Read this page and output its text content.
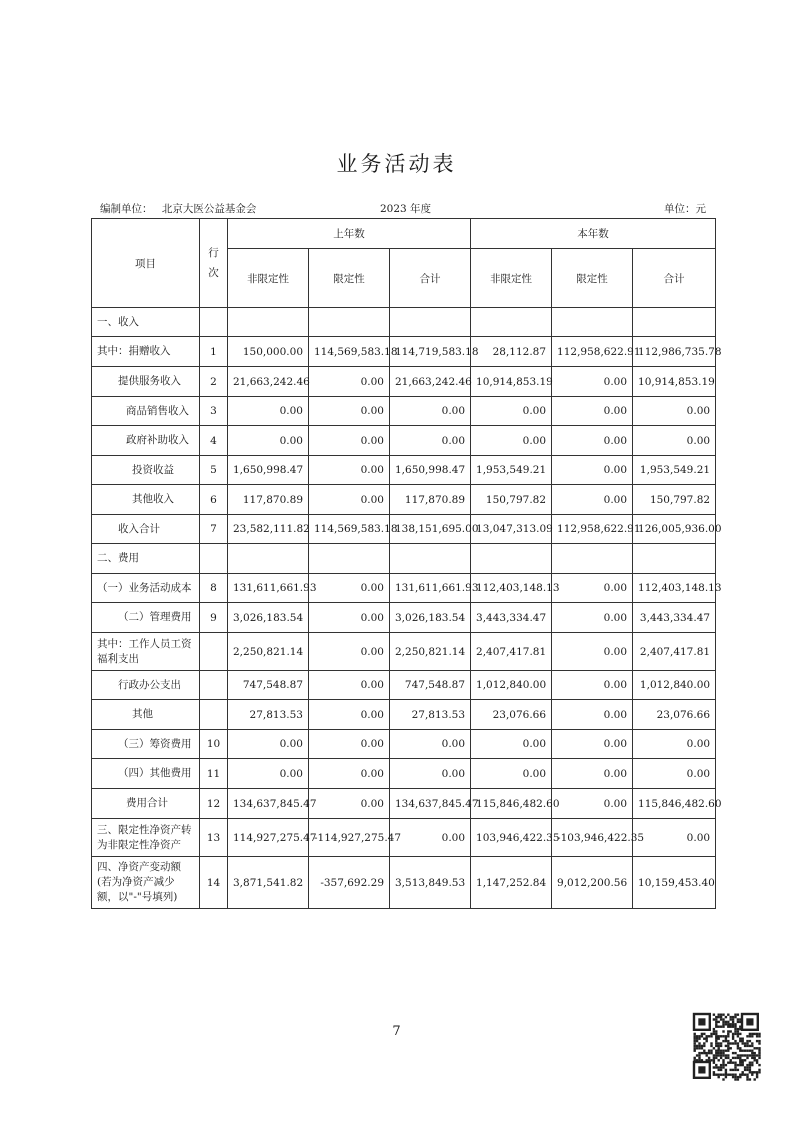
业务活动表
编制单位： 北京大医公益基金会	2023 年度	单位：元
项目	行
次	上年数			本年数		
		非限定性	限定性	合计	非限定性	限定性	合计
一、收入							
其中：捐赠收入	1	150,000.00	114,569,583.18	114,719,583.18	28,112.87	112,958,622.91	112,986,735.78
提供服务收入	2	21,663,242.46	0.00	21,663,242.46	10,914,853.19	0.00	10,914,853.19
商品销售收入	3	0.00	0.00	0.00	0.00	0.00	0.00
政府补助收入	4	0.00	0.00	0.00	0.00	0.00	0.00
投资收益	5	1,650,998.47	0.00	1,650,998.47	1,953,549.21	0.00	1,953,549.21
其他收入	6	117,870.89	0.00	117,870.89	150,797.82	0.00	150,797.82
收入合计	7	23,582,111.82	114,569,583.18	138,151,695.00	13,047,313.09	112,958,622.91	126,005,936.00
二、费用							
（一）业务活动成本	8	131,611,661.93	0.00	131,611,661.93	112,403,148.13	0.00	112,403,148.13
（二）管理费用	9	3,026,183.54	0.00	3,026,183.54	3,443,334.47	0.00	3,443,334.47
其中：工作人员工资福利支出		2,250,821.14	0.00	2,250,821.14	2,407,417.81	0.00	2,407,417.81
行政办公支出		747,548.87	0.00	747,548.87	1,012,840.00	0.00	1,012,840.00
其他		27,813.53	0.00	27,813.53	23,076.66	0.00	23,076.66
（三）筹资费用	10	0.00	0.00	0.00	0.00	0.00	0.00
（四）其他费用	11	0.00	0.00	0.00	0.00	0.00	0.00
费用合计	12	134,637,845.47	0.00	134,637,845.47	115,846,482.60	0.00	115,846,482.60
三、限定性净资产转为非限定性净资产	13	114,927,275.47	-114,927,275.47	0.00	103,946,422.35	-103,946,422.35	0.00
四、净资产变动额(若为净资产减少额，以"-"号填列)	14	3,871,541.82	-357,692.29	3,513,849.53	1,147,252.84	9,012,200.56	10,159,453.40
7
